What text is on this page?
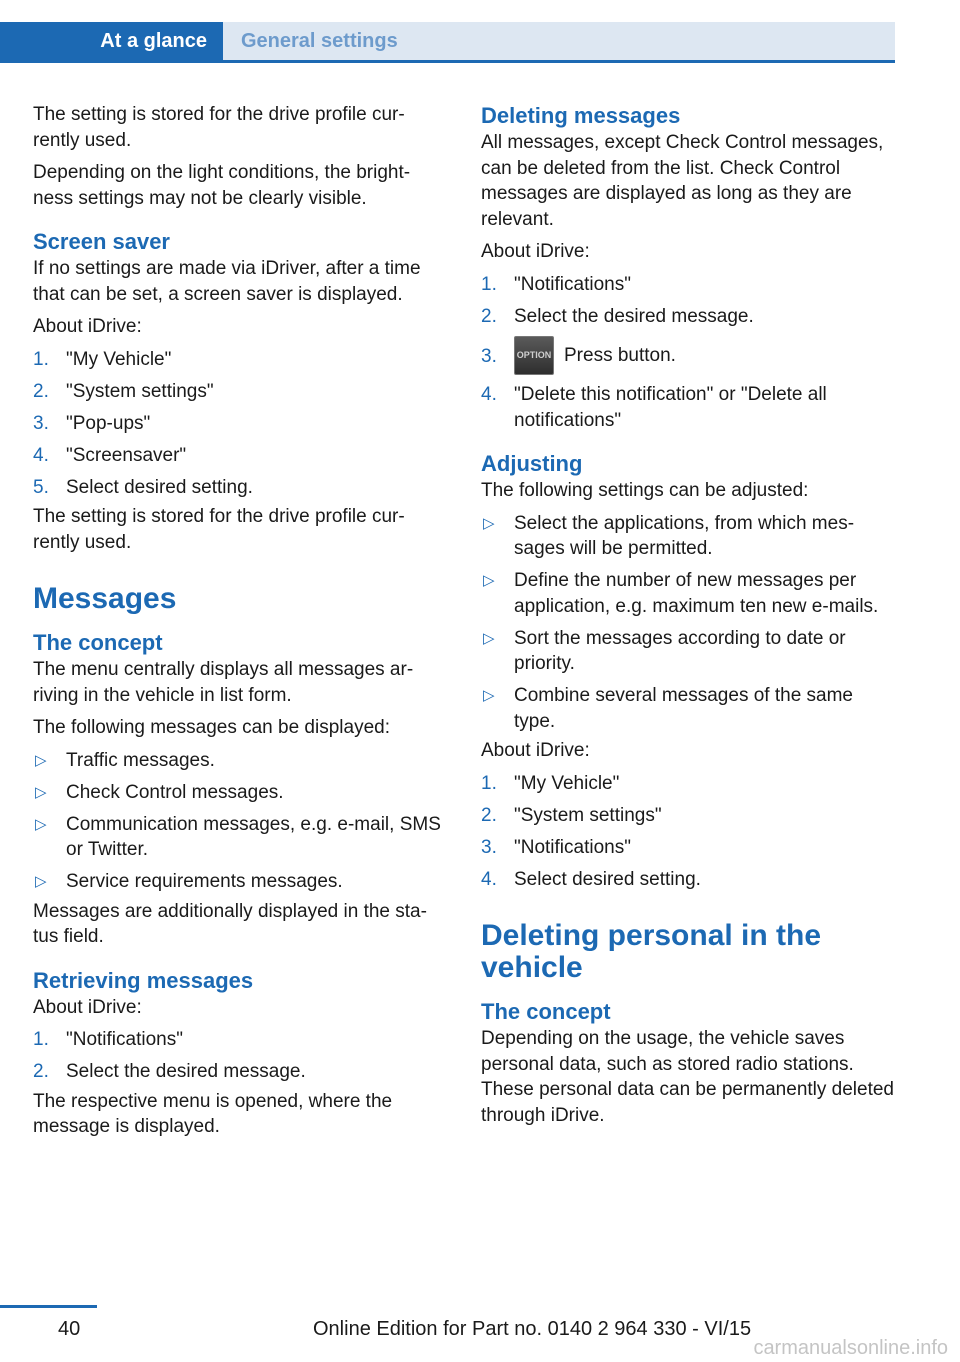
At a glance	General settings

The setting is stored for the drive profile currently used.

Depending on the light conditions, the brightness settings may not be clearly visible.

Screen saver

If no settings are made via iDriver, after a time that can be set, a screen saver is displayed.

About iDrive:

1. "My Vehicle"
2. "System settings"
3. "Pop-ups"
4. "Screensaver"
5. Select desired setting.

The setting is stored for the drive profile currently used.

Messages
The concept

The menu centrally displays all messages arriving in the vehicle in list form.

The following messages can be displayed:

▷ Traffic messages.
▷ Check Control messages.
▷ Communication messages, e.g. e-mail, SMS or Twitter.
▷ Service requirements messages.

Messages are additionally displayed in the status field.

Retrieving messages

About iDrive:

1. "Notifications"
2. Select the desired message.

The respective menu is opened, where the message is displayed.

Deleting messages

All messages, except Check Control messages, can be deleted from the list. Check Control messages are displayed as long as they are relevant.

About iDrive:

1. "Notifications"
2. Select the desired message.
3.	OPTION Press button.
4. "Delete this notification" or "Delete all notifications"
Adjusting

The following settings can be adjusted:

▷ Select the applications, from which messages will be permitted.
▷ Define the number of new messages per application, e.g. maximum ten new e-mails.
▷ Sort the messages according to date or priority.
▷ Combine several messages of the same type.

About iDrive:

1. "My Vehicle"
2. "System settings"
3. "Notifications"
4. Select desired setting.
Deleting personal in the vehicle
The concept

Depending on the usage, the vehicle saves personal data, such as stored radio stations. These personal data can be permanently deleted through iDrive.

40	Online Edition for Part no. 0140 2 964 330 - VI/15
carmanualsonline.info
